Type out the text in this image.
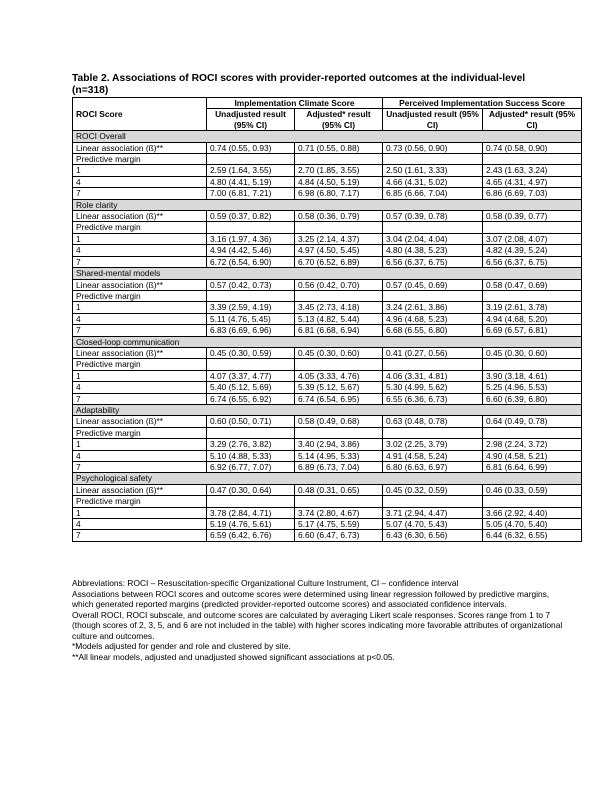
Table 2. Associations of ROCI scores with provider-reported outcomes at the individual-level (n=318)
ROCI Score	Implementation Climate Score		Perceived Implementation Success Score	
	Unadjusted result (95% CI)	Adjusted* result (95% CI)	Unadjusted result (95% CI)	Adjusted* result (95% CI)
ROCI Overall				
Linear association (ß)**	0.74 (0.55, 0.93)	0.71 (0.55, 0.88)	0.73 (0.56, 0.90)	0.74 (0.58, 0.90)
Predictive margin				
1	2.59 (1.64, 3.55)	2.70 (1.85, 3.55)	2.50 (1.61, 3.33)	2.43 (1.63, 3.24)
4	4.80 (4.41, 5.19)	4.84 (4.50, 5.19)	4.66 (4.31, 5.02)	4.65 (4.31, 4.97)
7	7.00 (6.81, 7.21)	6.98 (6.80, 7.17)	6.85 (6.66, 7.04)	6.86 (6.69, 7.03)
Role clarity				
Linear association (ß)**	0.59 (0.37, 0.82)	0.58 (0.36, 0.79)	0.57 (0.39, 0.78)	0.58 (0.39, 0.77)
Predictive margin				
1	3.16 (1.97, 4.36)	3.25 (2.14, 4.37)	3.04 (2.04, 4.04)	3.07 (2.08, 4.07)
4	4.94 (4.42, 5.46)	4.97 (4.50, 5.45)	4.80 (4.38, 5.23)	4.82 (4.39, 5.24)
7	6.72 (6.54, 6.90)	6.70 (6.52, 6.89)	6.56 (6.37, 6.75)	6.56 (6.37, 6.75)
Shared-mental models				
Linear association (ß)**	0.57 (0.42, 0.73)	0.56 (0.42, 0.70)	0.57 (0.45, 0.69)	0.58 (0.47, 0.69)
Predictive margin				
1	3.39 (2.59, 4.19)	3.45 (2.73, 4.18)	3.24 (2.61, 3.86)	3.19 (2.61, 3.78)
4	5.11 (4.76, 5.45)	5.13 (4.82, 5.44)	4.96 (4.68, 5.23)	4.94 (4.68, 5.20)
7	6.83 (6.69, 6.96)	6.81 (6.68, 6.94)	6.68 (6.55, 6.80)	6.69 (6.57, 6.81)
Closed-loop communication				
Linear association (ß)**	0.45 (0.30, 0.59)	0.45 (0.30, 0.60)	0.41 (0.27, 0.56)	0.45 (0.30, 0.60)
Predictive margin				
1	4.07 (3.37, 4.77)	4.05 (3.33, 4.76)	4.06 (3.31, 4.81)	3.90 (3.18, 4.61)
4	5.40 (5.12, 5.69)	5.39 (5.12, 5.67)	5.30 (4.99, 5.62)	5.25 (4.96, 5.53)
7	6.74 (6.55, 6.92)	6.74 (6.54, 6.95)	6.55 (6.36, 6.73)	6.60 (6.39, 6.80)
Adaptability				
Linear association (ß)**	0.60 (0.50, 0.71)	0.58 (0.49, 0.68)	0.63 (0.48, 0.78)	0.64 (0.49, 0.78)
Predictive margin				
1	3.29 (2.76, 3.82)	3.40 (2.94, 3.86)	3.02 (2.25, 3.79)	2.98 (2.24, 3.72)
4	5.10 (4.88, 5.33)	5.14 (4.95, 5.33)	4.91 (4.58, 5.24)	4.90 (4.58, 5.21)
7	6.92 (6.77, 7.07)	6.89 (6.73, 7.04)	6.80 (6.63, 6.97)	6.81 (6.64, 6.99)
Psychological safety				
Linear association (ß)**	0.47 (0.30, 0.64)	0.48 (0.31, 0.65)	0.45 (0.32, 0.59)	0.46 (0.33, 0.59)
Predictive margin				
1	3.78 (2.84, 4.71)	3.74 (2.80, 4.67)	3.71 (2.94, 4.47)	3.66 (2.92, 4.40)
4	5.19 (4.76, 5.61)	5.17 (4.75, 5.59)	5.07 (4.70, 5.43)	5.05 (4.70, 5.40)
7	6.59 (6.42, 6.76)	6.60 (6.47, 6.73)	6.43 (6.30, 6.56)	6.44 (6.32, 6.55)

Abbreviations: ROCI – Resuscitation-specific Organizational Culture Instrument, CI – confidence interval

Associations between ROCI scores and outcome scores were determined using linear regression followed by predictive margins, which generated reported margins (predicted provider-reported outcome scores) and associated confidence intervals.

Overall ROCI, ROCI subscale, and outcome scores are calculated by averaging Likert scale responses. Scores range from 1 to 7 (though scores of 2, 3, 5, and 6 are not included in the table) with higher scores indicating more favorable attributes of organizational culture and outcomes.

*Models adjusted for gender and role and clustered by site.

**All linear models, adjusted and unadjusted showed significant associations at p<0.05.
